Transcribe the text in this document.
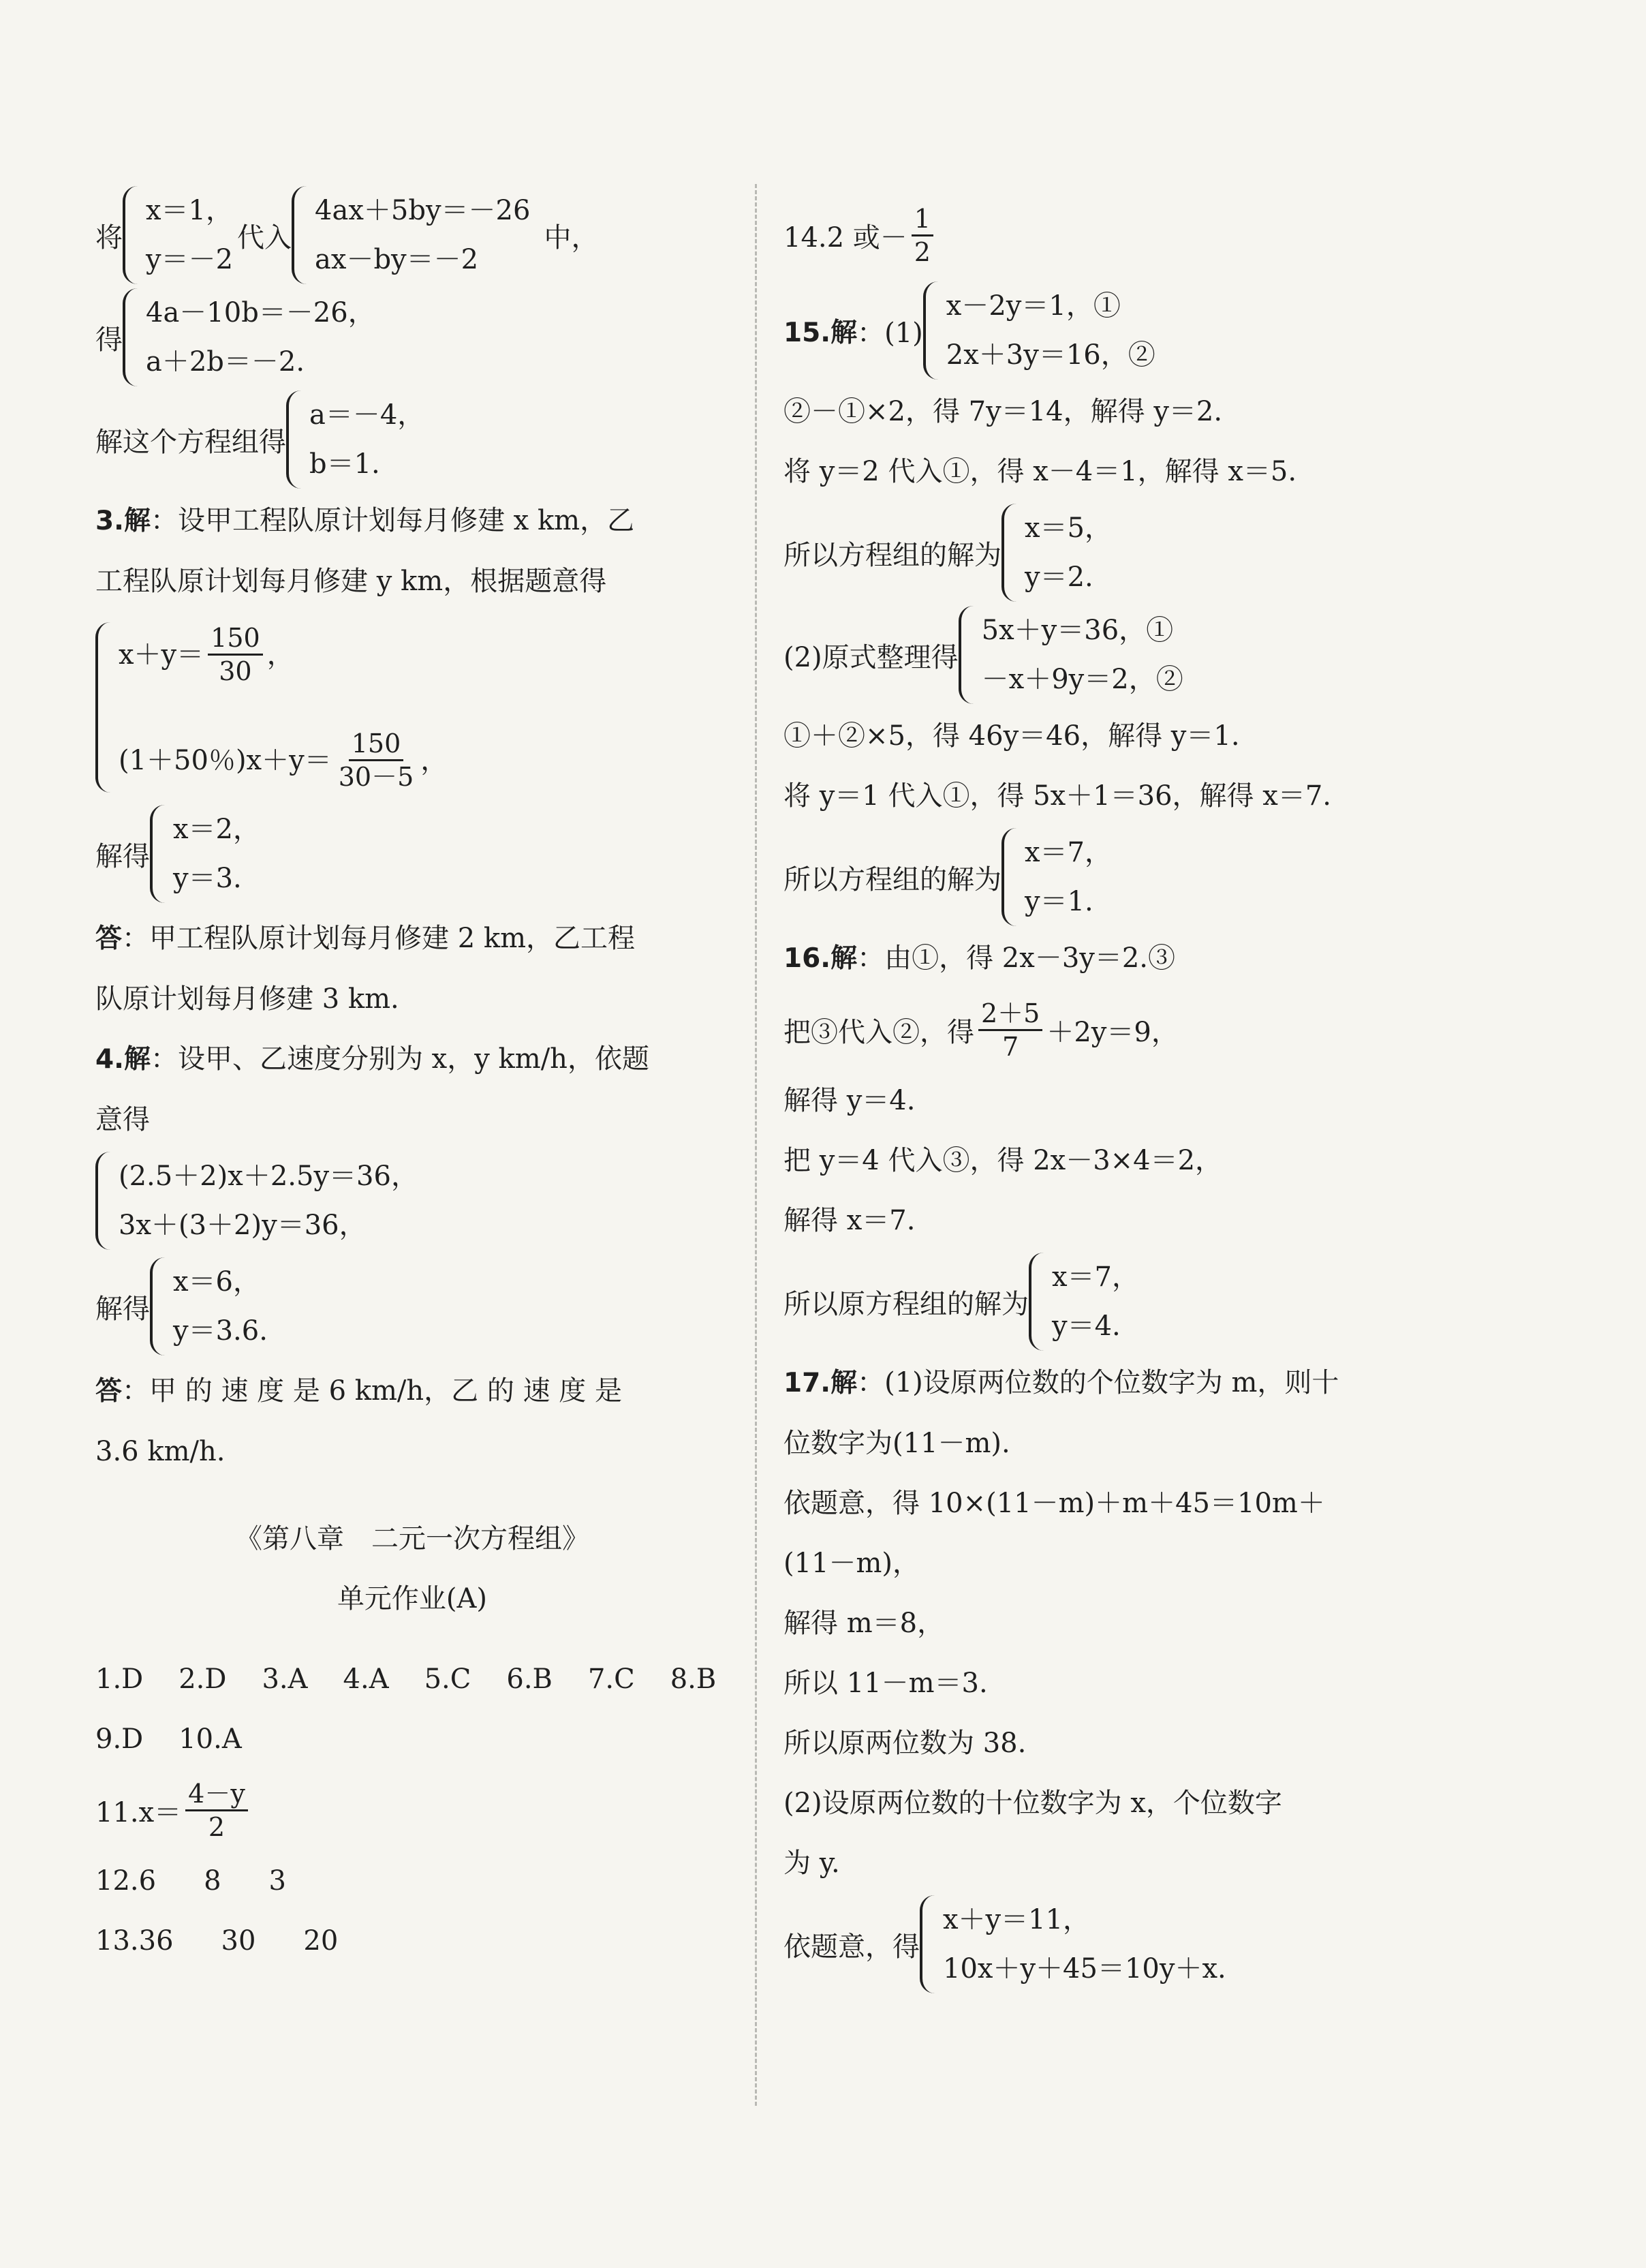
将
x＝1，
y＝－2
代入
4ax＋5by＝－26
ax－by＝－2
中，
得
4a－10b＝－26，
a＋2b＝－2.
解这个方程组得
a＝－4，
b＝1.
3.解：设甲工程队原计划每月修建 x km，乙
工程队原计划每月修建 y km，根据题意得
$x+y= \frac{150}{30}$ ，
(1＋50％)$x+y= \frac{150}{30-5}$ ，
解得
x＝2，
y＝3.
答：甲工程队原计划每月修建 2 km，乙工程
队原计划每月修建 3 km.
4.解：设甲、乙速度分别为 x，y km/h，依题
意得
(2.5＋2)x＋2.5y＝36，
3x＋(3＋2)y＝36，
解得
x＝6，
y＝3.6.
答：甲 的 速 度 是 6 km/h，乙 的 速 度 是
3.6 km/h.
《第八章　二元一次方程组》
单元作业(A)
1.D 2.D 3.A 4.A 5.C 6.B 7.C 8.B
9.D 10.A
$11.x= \frac{4-y}{2}$
12.6 8 3
13.36 30 20
14.2 或－ $\frac{1}{2}$
15.解 ：(1)
x－2y＝1，①
2x＋3y＝16，②
②－①×2，得 7y＝14，解得 y＝2.
将 y＝2 代入①，得 x－4＝1，解得 x＝5.
所以方程组的解为
x＝5，
y＝2.
(2)原式整理得
5x＋y＝36，①
－x＋9y＝2，②
①＋②×5，得 46y＝46，解得 y＝1.
将 y＝1 代入①，得 5x＋1＝36，解得 x＝7.
所以方程组的解为
x＝7，
y＝1.
16.解：由①，得 2x－3y＝2.③
把③代入②，得 $\frac{2+5}{7} +2y=9$，
解得 y＝4.
把 y＝4 代入③，得 2x－3×4＝2，
解得 x＝7.
所以原方程组的解为
x＝7，
y＝4.
17.解：(1)设原两位数的个位数字为 m，则十
位数字为(11－m).
依题意，得 10×(11－m)＋m＋45＝10m＋
(11－m)，
解得 m＝8，
所以 11－m＝3.
所以原两位数为 38.
(2)设原两位数的十位数字为 x，个位数字
为 y.
依题意，得
x＋y＝11，
10x＋y＋45＝10y＋x.
